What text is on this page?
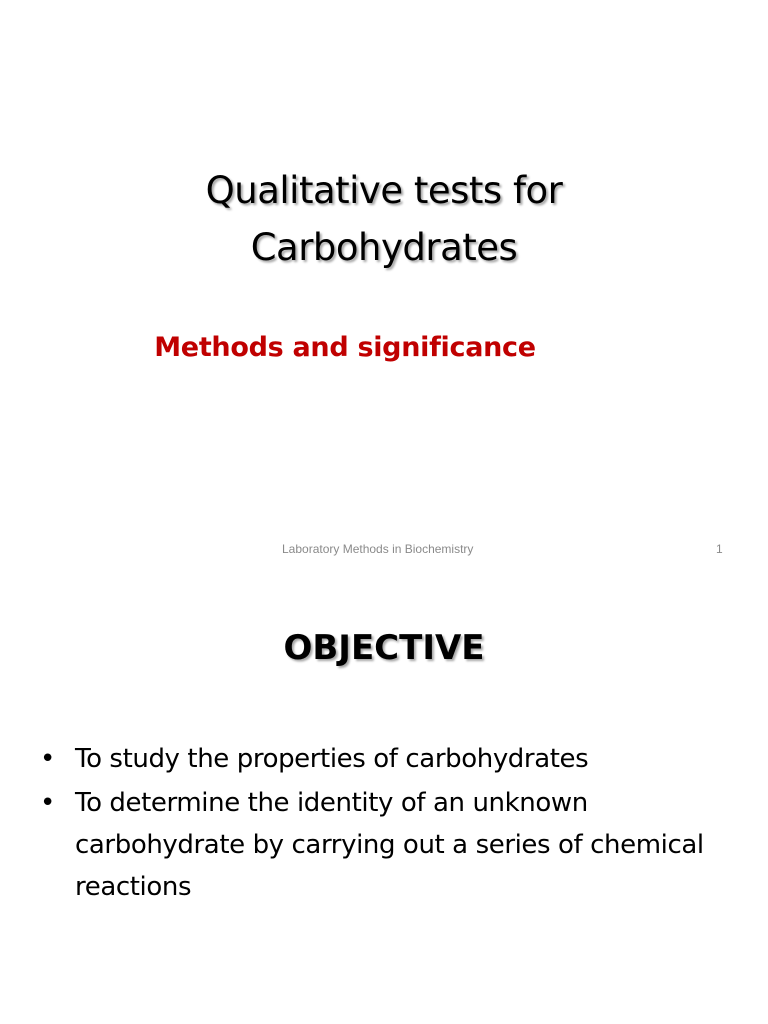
Qualitative tests for
Carbohydrates
Methods and significance
Laboratory Methods in Biochemistry	1
OBJECTIVE
• To study the properties of carbohydrates
• To determine the identity of an unknown carbohydrate by carrying out a series of chemical reactions
